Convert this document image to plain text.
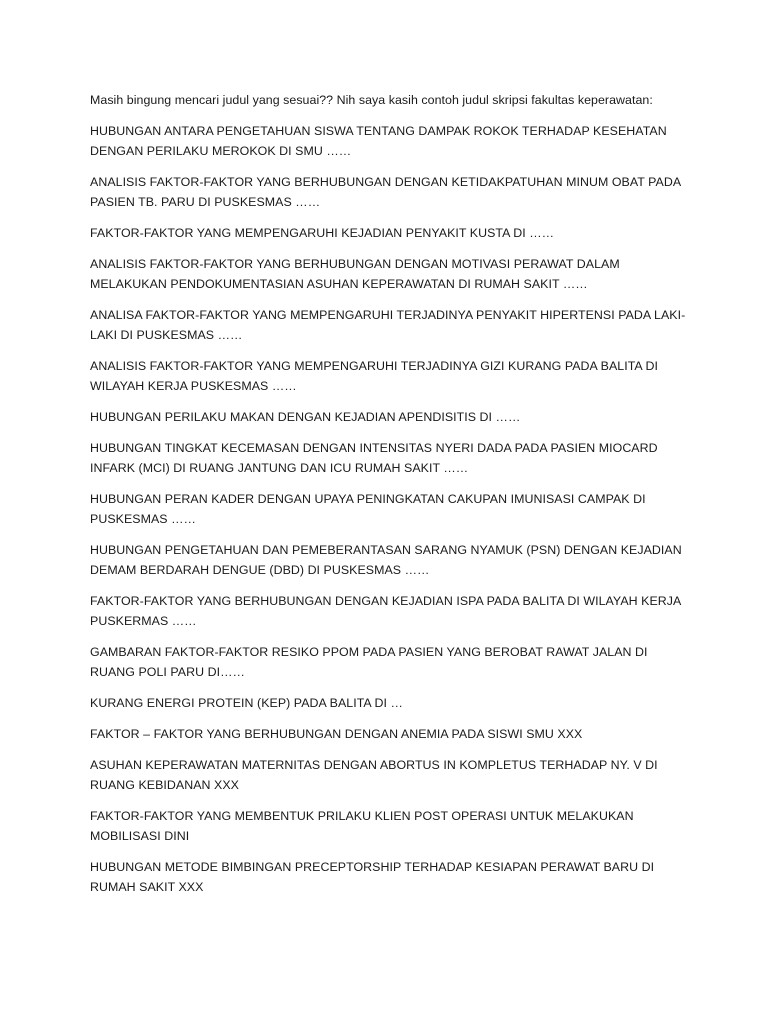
Masih bingung mencari judul yang sesuai?? Nih saya kasih contoh judul skripsi fakultas keperawatan:

HUBUNGAN ANTARA PENGETAHUAN SISWA TENTANG DAMPAK ROKOK TERHADAP KESEHATAN DENGAN PERILAKU MEROKOK DI SMU ……
ANALISIS FAKTOR-FAKTOR YANG BERHUBUNGAN DENGAN KETIDAKPATUHAN MINUM OBAT PADA PASIEN TB. PARU DI PUSKESMAS ……
FAKTOR-FAKTOR YANG MEMPENGARUHI KEJADIAN PENYAKIT KUSTA DI ……
ANALISIS FAKTOR-FAKTOR YANG BERHUBUNGAN DENGAN MOTIVASI PERAWAT DALAM MELAKUKAN PENDOKUMENTASIAN ASUHAN KEPERAWATAN DI RUMAH SAKIT ……
ANALISA FAKTOR-FAKTOR YANG MEMPENGARUHI TERJADINYA PENYAKIT HIPERTENSI PADA LAKI-LAKI DI PUSKESMAS ……
ANALISIS FAKTOR-FAKTOR YANG MEMPENGARUHI TERJADINYA GIZI KURANG PADA BALITA DI WILAYAH KERJA PUSKESMAS ……
HUBUNGAN PERILAKU MAKAN DENGAN KEJADIAN APENDISITIS DI ……
HUBUNGAN TINGKAT KECEMASAN DENGAN INTENSITAS NYERI DADA PADA PASIEN MIOCARD INFARK (MCI) DI RUANG JANTUNG DAN ICU RUMAH SAKIT ……
HUBUNGAN PERAN KADER DENGAN UPAYA PENINGKATAN CAKUPAN IMUNISASI CAMPAK DI PUSKESMAS ……
HUBUNGAN PENGETAHUAN DAN PEMEBERANTASAN SARANG NYAMUK (PSN) DENGAN KEJADIAN DEMAM BERDARAH DENGUE (DBD) DI PUSKESMAS ……
FAKTOR-FAKTOR YANG BERHUBUNGAN DENGAN KEJADIAN ISPA PADA BALITA DI WILAYAH KERJA PUSKERMAS ……
GAMBARAN FAKTOR-FAKTOR RESIKO PPOM PADA PASIEN YANG BEROBAT RAWAT JALAN DI RUANG POLI PARU DI……
KURANG ENERGI PROTEIN (KEP) PADA BALITA DI …
FAKTOR – FAKTOR YANG BERHUBUNGAN DENGAN ANEMIA PADA SISWI SMU XXX
ASUHAN KEPERAWATAN MATERNITAS DENGAN ABORTUS IN KOMPLETUS TERHADAP NY. V DI RUANG KEBIDANAN XXX
FAKTOR-FAKTOR YANG MEMBENTUK PRILAKU KLIEN POST OPERASI UNTUK MELAKUKAN MOBILISASI DINI
HUBUNGAN METODE BIMBINGAN PRECEPTORSHIP TERHADAP KESIAPAN PERAWAT BARU DI RUMAH SAKIT XXX
